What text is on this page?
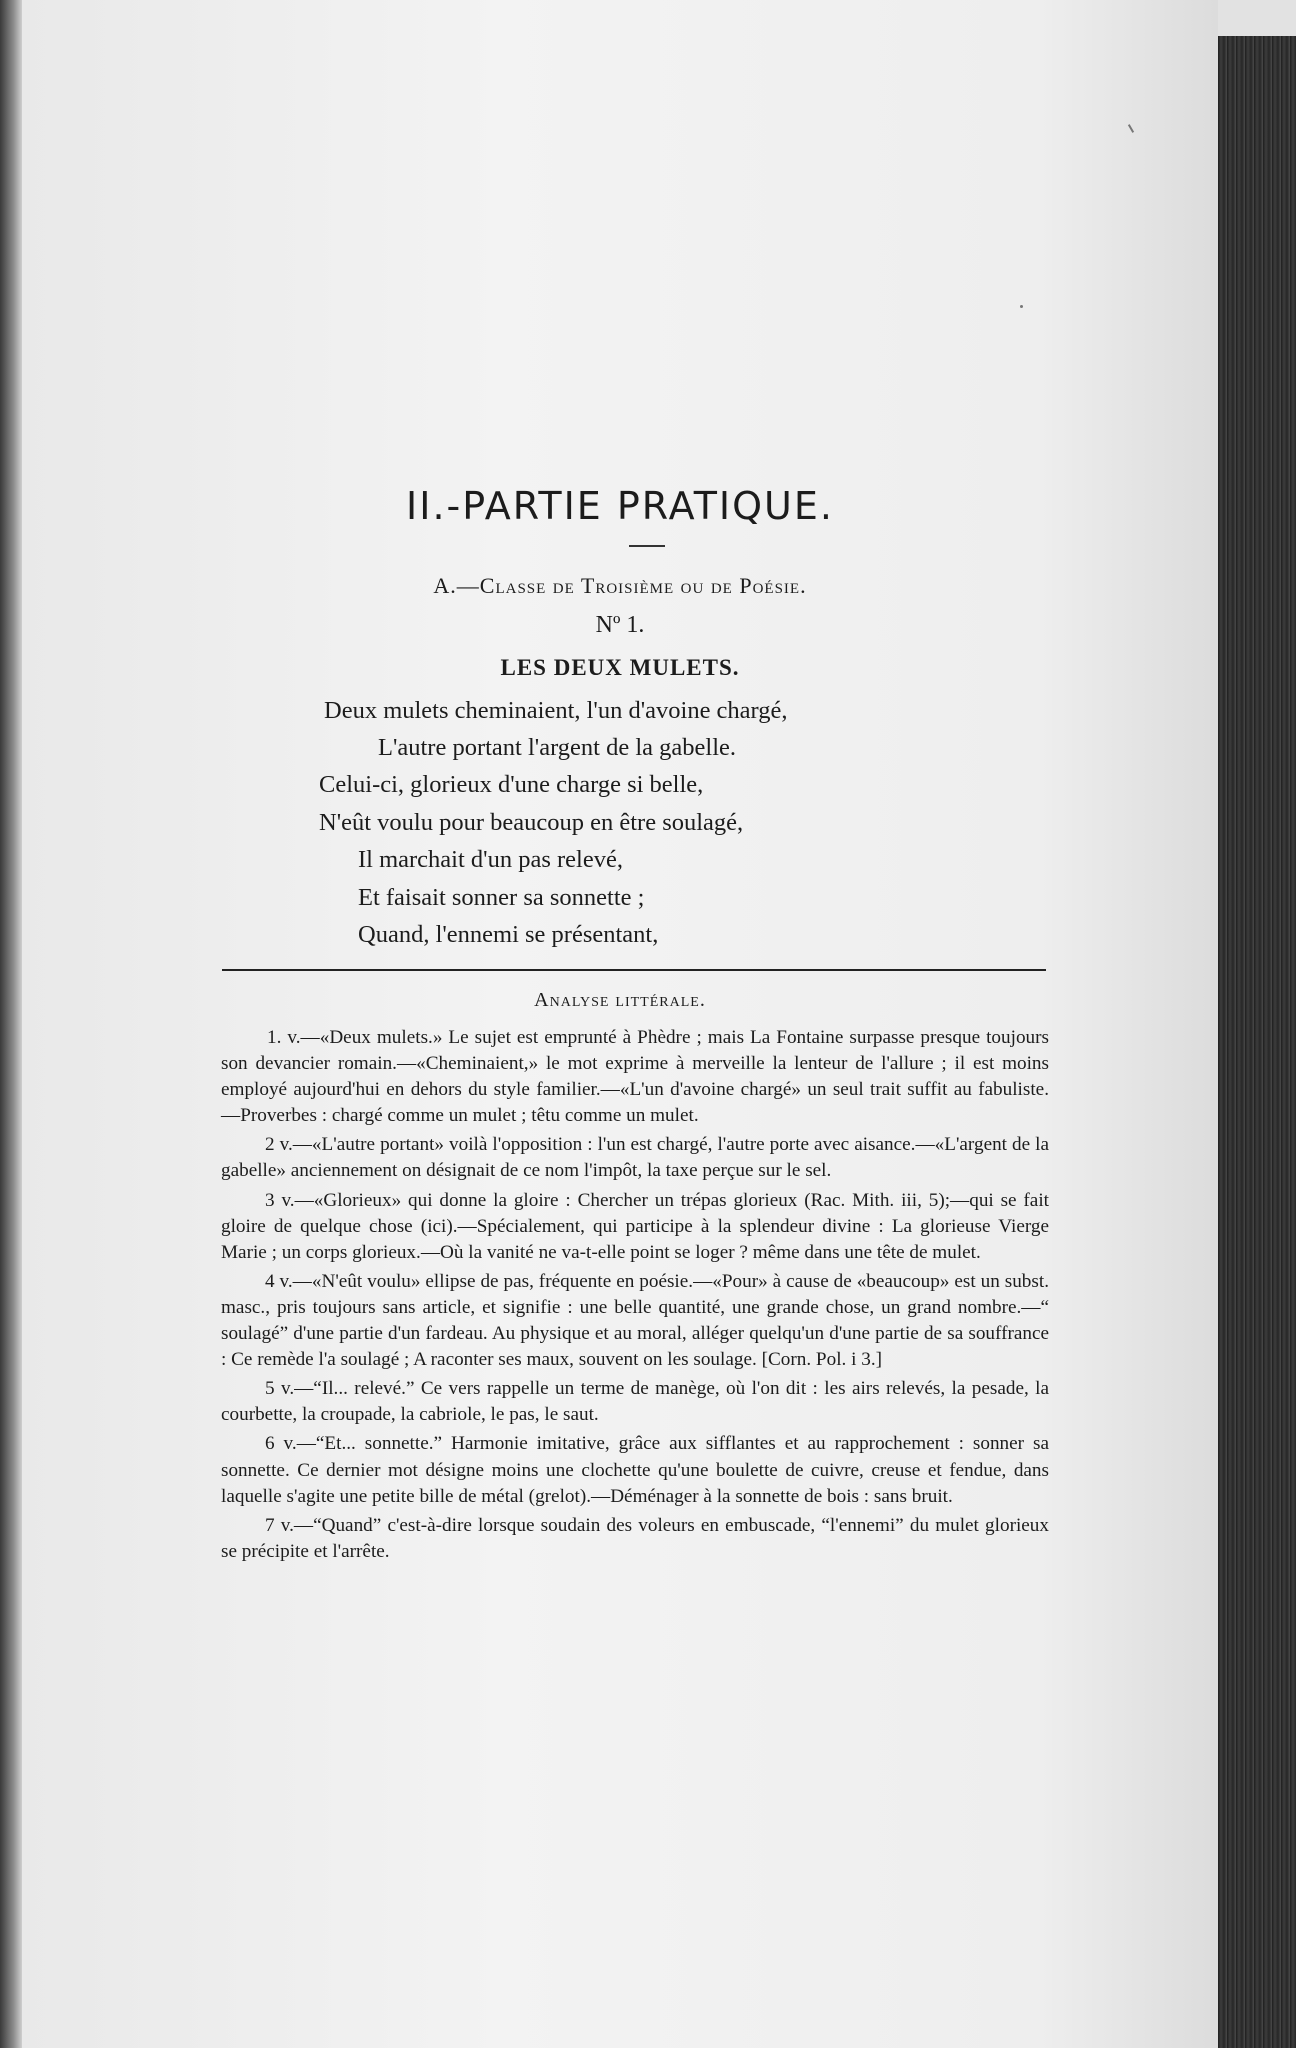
II.-PARTIE PRATIQUE.
A.—Classe de Troisième ou de Poésie.
Nº 1.
LES DEUX MULETS.
Deux mulets cheminaient, l'un d'avoine chargé,
L'autre portant l'argent de la gabelle.
Celui-ci, glorieux d'une charge si belle,
N'eût voulu pour beaucoup en être soulagé,
Il marchait d'un pas relevé,
Et faisait sonner sa sonnette ;
Quand, l'ennemi se présentant,
Analyse littérale.

1. v.—«Deux mulets.» Le sujet est emprunté à Phèdre ; mais La Fontaine surpasse presque toujours son devancier romain.—«Cheminaient,» le mot exprime à merveille la lenteur de l'allure ; il est moins employé aujourd'hui en dehors du style familier.—«L'un d'avoine chargé» un seul trait suffit au fabuliste. —Proverbes : chargé comme un mulet ; têtu comme un mulet.

2 v.—«L'autre portant» voilà l'opposition : l'un est chargé, l'autre porte avec aisance.—«L'argent de la gabelle» anciennement on désignait de ce nom l'impôt, la taxe perçue sur le sel.

3 v.—«Glorieux» qui donne la gloire : Chercher un trépas glorieux (Rac. Mith. iii, 5);—qui se fait gloire de quelque chose (ici).—Spécialement, qui participe à la splendeur divine : La glorieuse Vierge Marie ; un corps glorieux.—Où la vanité ne va-t-elle point se loger ? même dans une tête de mulet.

4 v.—«N'eût voulu» ellipse de pas, fréquente en poésie.—«Pour» à cause de «beaucoup» est un subst. masc., pris toujours sans article, et signifie : une belle quantité, une grande chose, un grand nombre.—“ soulagé” d'une partie d'un fardeau. Au physique et au moral, alléger quelqu'un d'une partie de sa souffrance : Ce remède l'a soulagé ; A raconter ses maux, souvent on les soulage. [Corn. Pol. i 3.]

5 v.—“Il... relevé.” Ce vers rappelle un terme de manège, où l'on dit : les airs relevés, la pesade, la courbette, la croupade, la cabriole, le pas, le saut.

6 v.—“Et... sonnette.” Harmonie imitative, grâce aux sifflantes et au rapprochement : sonner sa sonnette. Ce dernier mot désigne moins une clochette qu'une boulette de cuivre, creuse et fendue, dans laquelle s'agite une petite bille de métal (grelot).—Déménager à la sonnette de bois : sans bruit.

7 v.—“Quand” c'est-à-dire lorsque soudain des voleurs en embuscade, “l'ennemi” du mulet glorieux se précipite et l'arrête.
